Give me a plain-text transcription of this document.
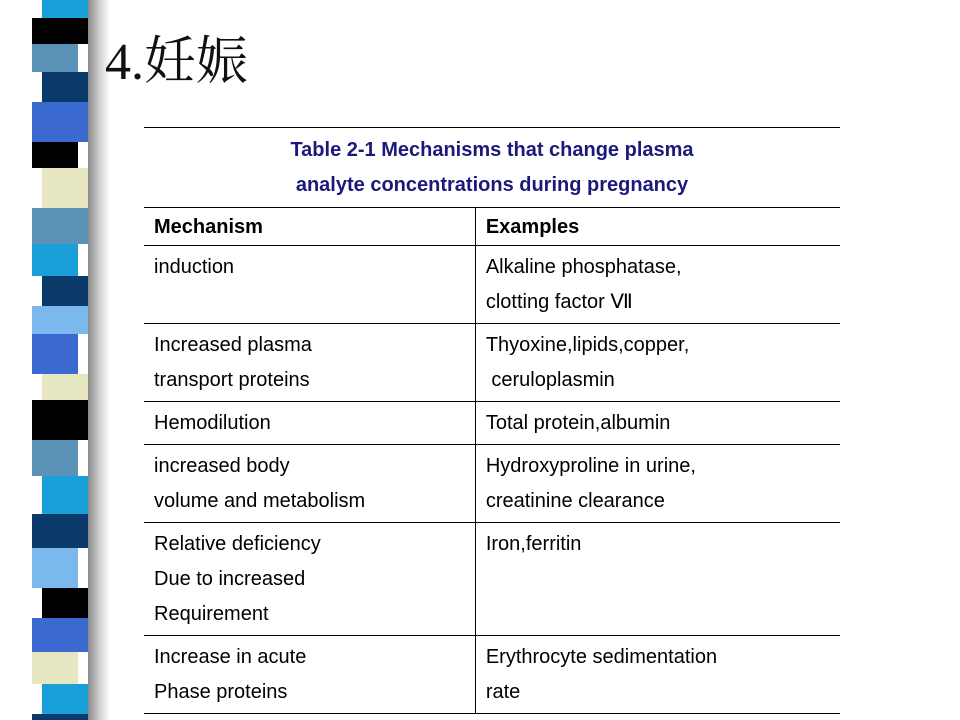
4.妊娠
Table 2-1 Mechanisms that change plasma
analyte concentrations during pregnancy	

Mechanism	Examples

induction	Alkaline phosphatase,
clotting factor Ⅶ

Increased plasma
transport proteins	Thyoxine,lipids,copper,
ceruloplasmin

Hemodilution	Total protein,albumin

increased body
volume and metabolism	Hydroxyproline in urine,
creatinine clearance

Relative deficiency
Due to increased
Requirement	Iron,ferritin

Increase in acute
Phase proteins	Erythrocyte sedimentation
rate
